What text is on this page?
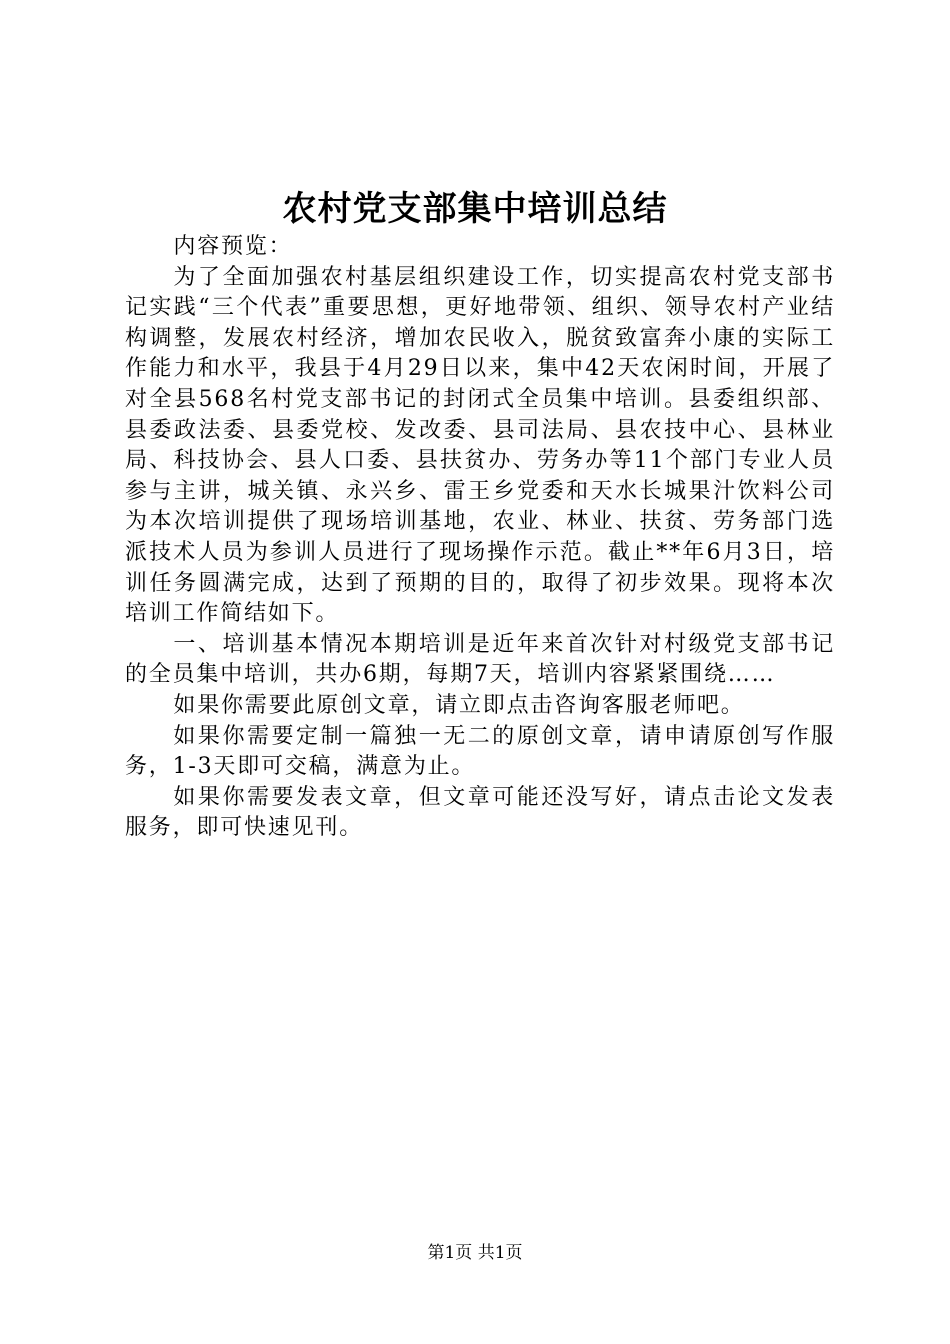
农村党支部集中培训总结

内容预览：

为了全面加强农村基层组织建设工作，切实提高农村党支部书记实践“三个代表”重要思想，更好地带领、组织、领导农村产业结构调整，发展农村经济，增加农民收入，脱贫致富奔小康的实际工作能力和水平，我县于4月29日以来，集中42天农闲时间，开展了对全县568名村党支部书记的封闭式全员集中培训。县委组织部、县委政法委、县委党校、发改委、县司法局、县农技中心、县林业局、科技协会、县人口委、县扶贫办、劳务办等11个部门专业人员参与主讲，城关镇、永兴乡、雷王乡党委和天水长城果汁饮料公司为本次培训提供了现场培训基地，农业、林业、扶贫、劳务部门选派技术人员为参训人员进行了现场操作示范。截止**年6月3日，培训任务圆满完成，达到了预期的目的，取得了初步效果。现将本次培训工作简结如下。

一、培训基本情况本期培训是近年来首次针对村级党支部书记的全员集中培训，共办6期，每期7天，培训内容紧紧围绕……

如果你需要此原创文章，请立即点击咨询客服老师吧。

如果你需要定制一篇独一无二的原创文章，请申请原创写作服务，1-3天即可交稿，满意为止。

如果你需要发表文章，但文章可能还没写好，请点击论文发表服务，即可快速见刊。

第1页 共1页
